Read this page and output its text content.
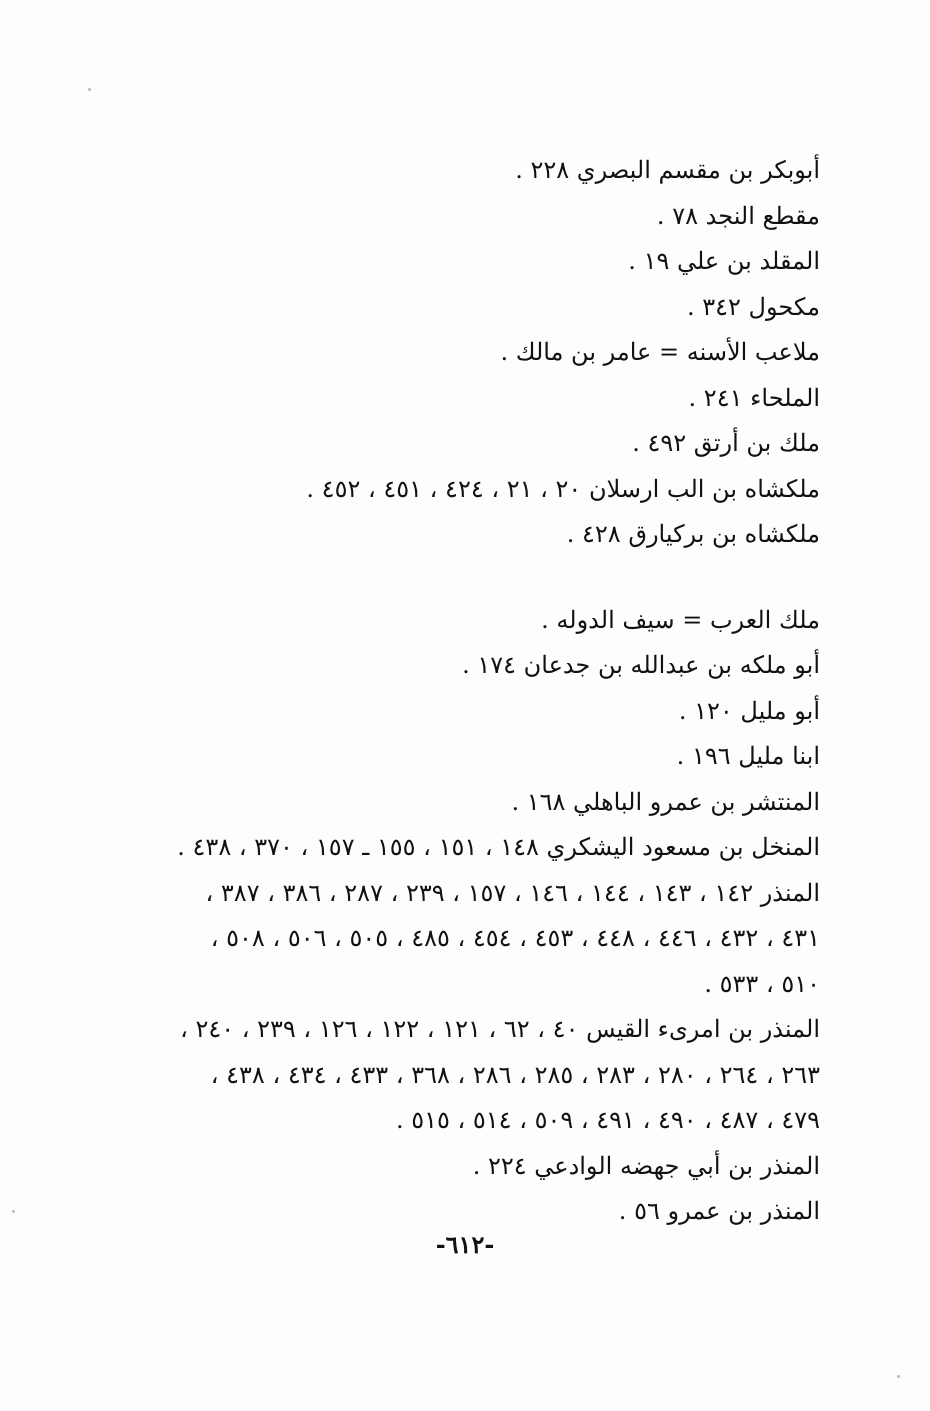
أبوبكر بن مقسم البصري ٢٢٨ .
مقطع النجد ٧٨ .
المقلد بن علي ١٩ .
مكحول ٣٤٢ .
ملاعب الأسنه = عامر بن مالك .
الملحاء ٢٤١ .
ملك بن أرتق ٤٩٢ .
ملكشاه بن الب ارسلان ٢٠ ، ٢١ ، ٤٢٤ ، ٤٥١ ، ٤٥٢ .
ملكشاه بن بركيارق ٤٢٨ .
ملك العرب = سيف الدوله .
أبو ملكه بن عبدالله بن جدعان ١٧٤ .
أبو مليل ١٢٠ .
ابنا مليل ١٩٦ .
المنتشر بن عمرو الباهلي ١٦٨ .
المنخل بن مسعود اليشكري ١٤٨ ، ١٥١ ، ١٥٥ ـ ١٥٧ ، ٣٧٠ ، ٤٣٨ .
المنذر ١٤٢ ، ١٤٣ ، ١٤٤ ، ١٤٦ ، ١٥٧ ، ٢٣٩ ، ٢٨٧ ، ٣٨٦ ، ٣٨٧ ،
٤٣١ ، ٤٣٢ ، ٤٤٦ ، ٤٤٨ ، ٤٥٣ ، ٤٥٤ ، ٤٨٥ ، ٥٠٥ ، ٥٠٦ ، ٥٠٨ ،
٥١٠ ، ٥٣٣ .
المنذر بن امرىء القيس ٤٠ ، ٦٢ ، ١٢١ ، ١٢٢ ، ١٢٦ ، ٢٣٩ ، ٢٤٠ ،
٢٦٣ ، ٢٦٤ ، ٢٨٠ ، ٢٨٣ ، ٢٨٥ ، ٢٨٦ ، ٣٦٨ ، ٤٣٣ ، ٤٣٤ ، ٤٣٨ ،
٤٧٩ ، ٤٨٧ ، ٤٩٠ ، ٤٩١ ، ٥٠٩ ، ٥١٤ ، ٥١٥ .
المنذر بن أبي جهضه الوادعي ٢٢٤ .
المنذر بن عمرو ٥٦ .
-٦١٢-
